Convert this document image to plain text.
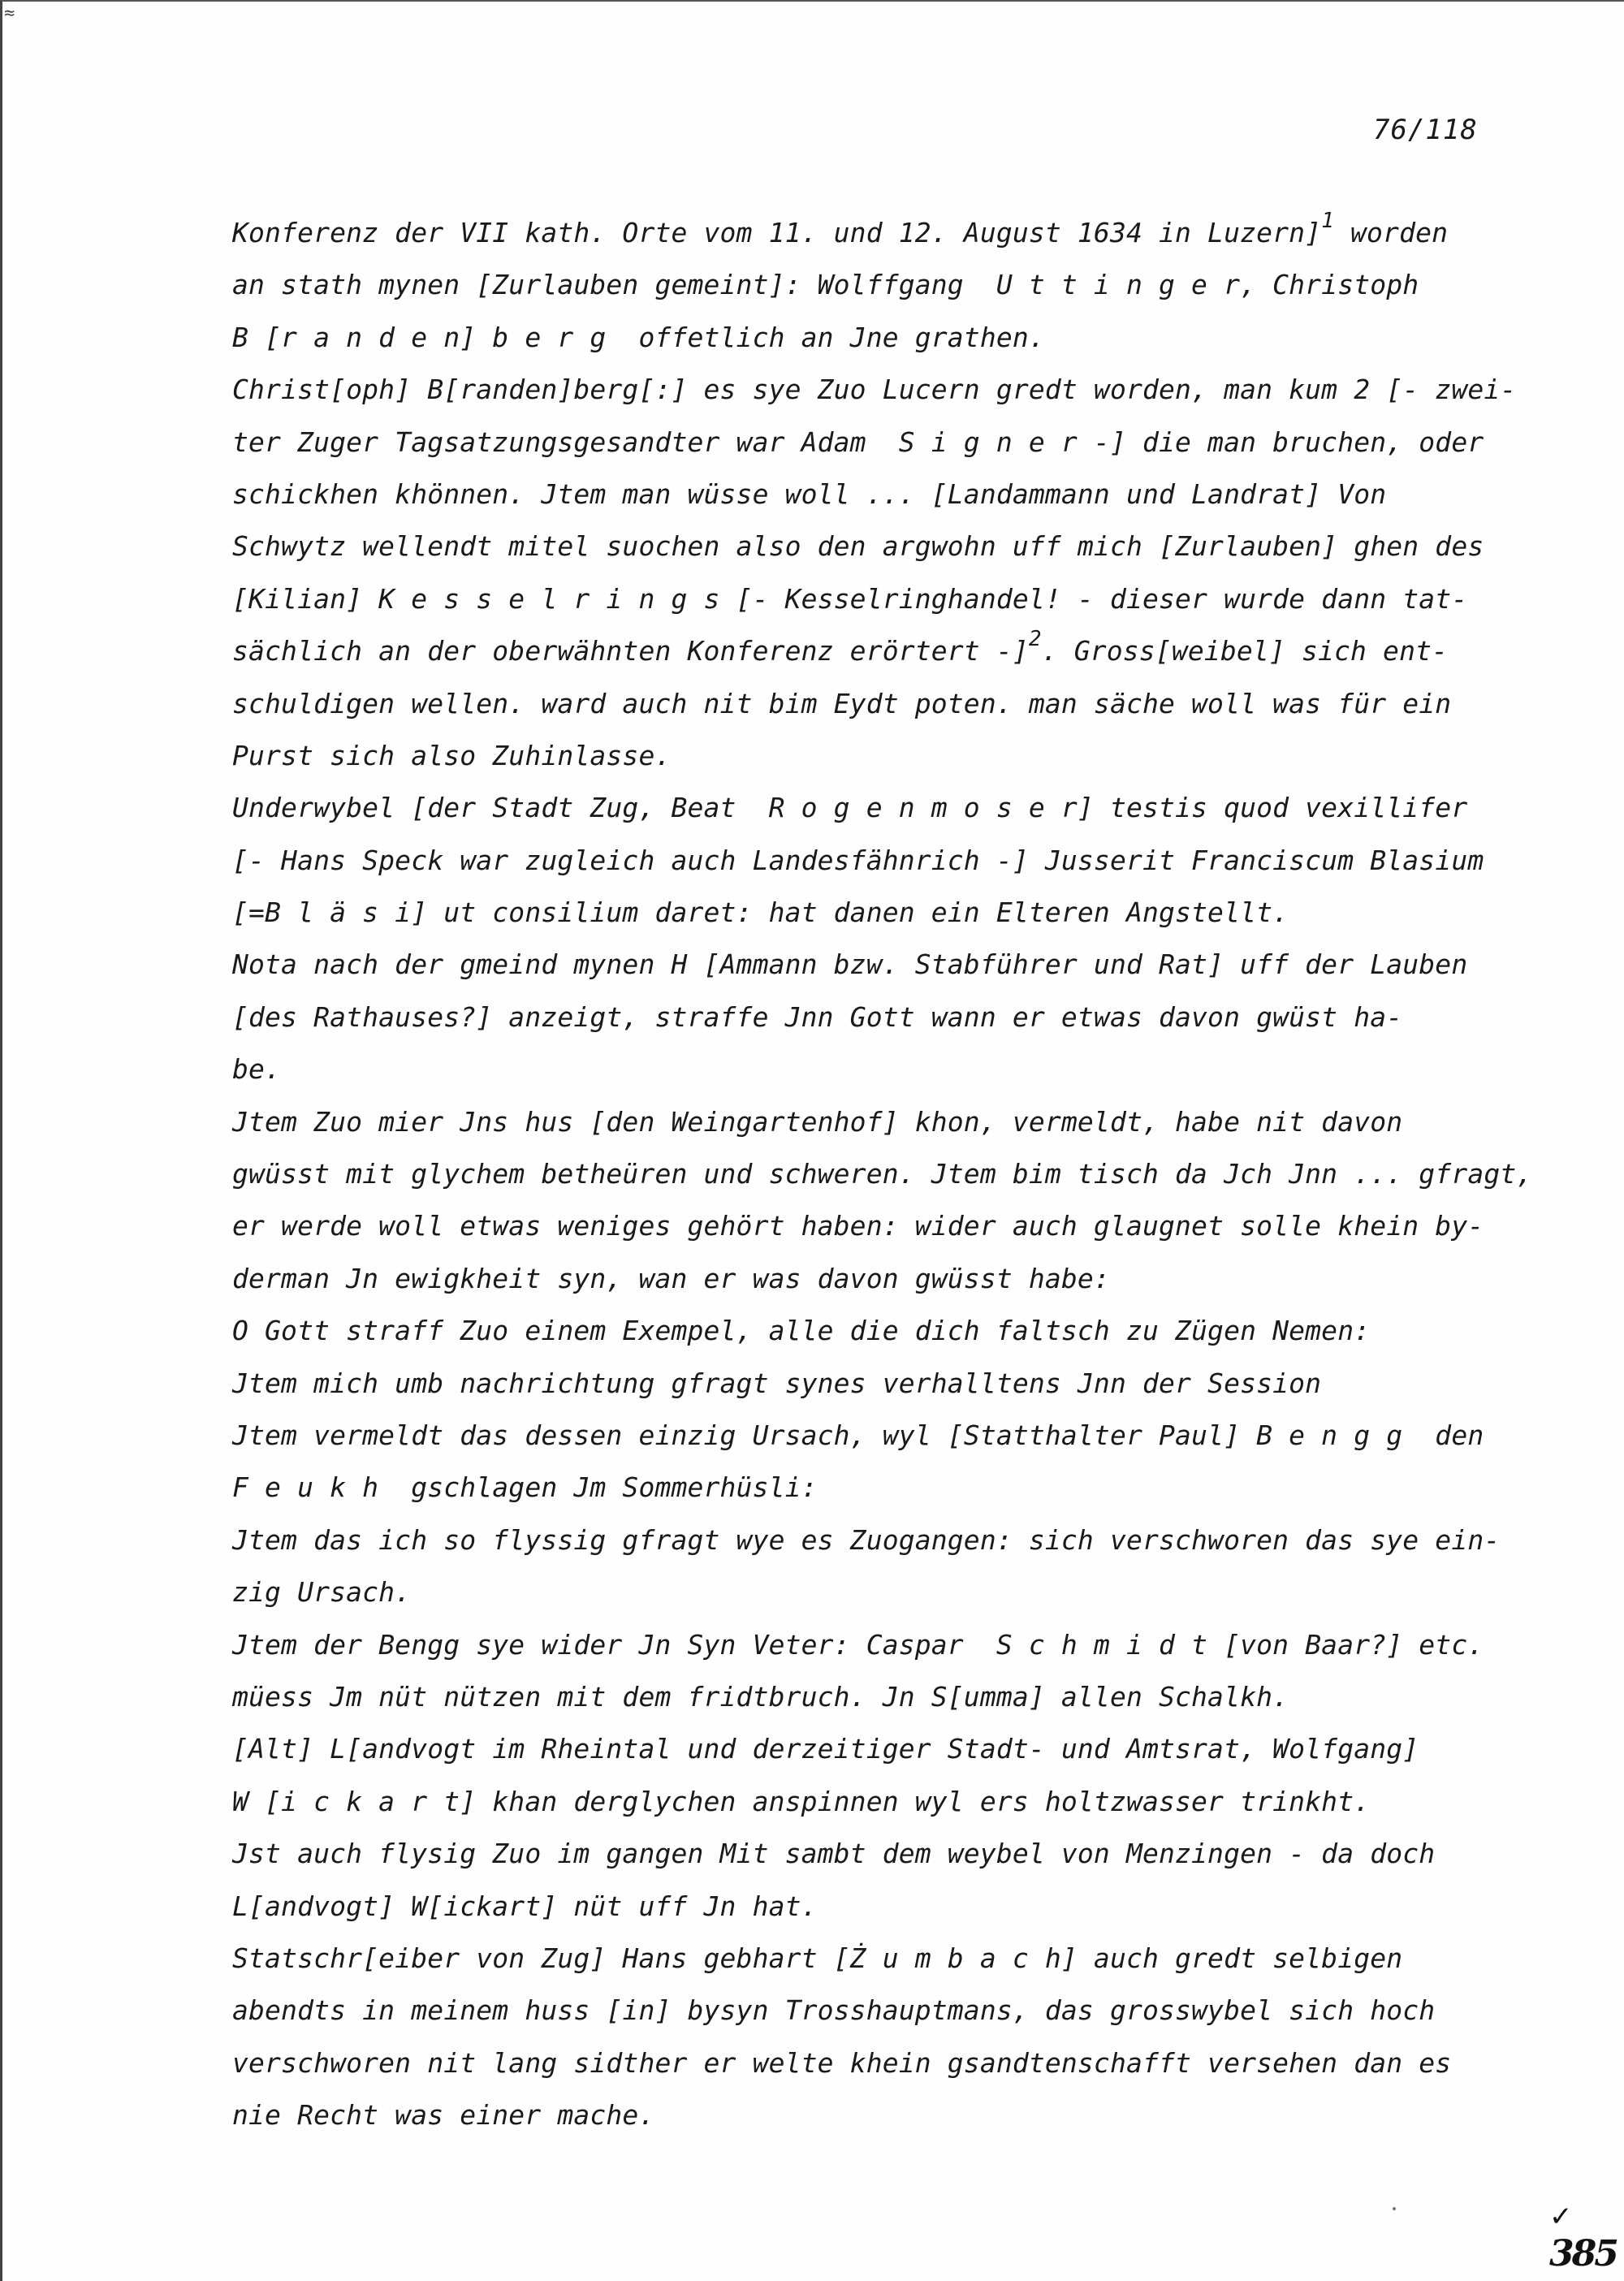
≈
76/118
Konferenz der VII kath. Orte vom 11. und 12. August 1634 in Luzern]$^1$ worden
an stath mynen [Zurlauben gemeint]: Wolffgang  U t t i n g e r, Christoph
B [r a n d e n] b e r g  offetlich an Jne grathen.
Christ[oph] B[randen]berg[:] es sye Zuo Lucern gredt worden, man kum 2 [- zwei-
ter Zuger Tagsatzungsgesandter war Adam  S i g n e r -] die man bruchen, oder
schickhen khönnen. Jtem man wüsse woll ... [Landammann und Landrat] Von
Schwytz wellendt mitel suochen also den argwohn uff mich [Zurlauben] ghen des
[Kilian] K e s s e l r i n g s [- Kesselringhandel! - dieser wurde dann tat-
sächlich an der oberwähnten Konferenz erörtert -]$^2$. Gross[weibel] sich ent-
schuldigen wellen. ward auch nit bim Eydt poten. man säche woll was für ein
Purst sich also Zuhinlasse.
Underwybel [der Stadt Zug, Beat  R o g e n m o s e r] testis quod vexillifer
[- Hans Speck war zugleich auch Landesfähnrich -] Jusserit Franciscum Blasium
[=B l ä s i] ut consilium daret: hat danen ein Elteren Angstellt.
Nota nach der gmeind mynen H [Ammann bzw. Stabführer und Rat] uff der Lauben
[des Rathauses?] anzeigt, straffe Jnn Gott wann er etwas davon gwüst ha-
be.
Jtem Zuo mier Jns hus [den Weingartenhof] khon, vermeldt, habe nit davon
gwüsst mit glychem betheüren und schweren. Jtem bim tisch da Jch Jnn ... gfragt,
er werde woll etwas weniges gehört haben: wider auch glaugnet solle khein by-
derman Jn ewigkheit syn, wan er was davon gwüsst habe:
O Gott straff Zuo einem Exempel, alle die dich faltsch zu Zügen Nemen:
Jtem mich umb nachrichtung gfragt synes verhalltens Jnn der Session
Jtem vermeldt das dessen einzig Ursach, wyl [Statthalter Paul] B e n g g  den
F e u k h  gschlagen Jm Sommerhüsli:
Jtem das ich so flyssig gfragt wye es Zuogangen: sich verschworen das sye ein-
zig Ursach.
Jtem der Bengg sye wider Jn Syn Veter: Caspar  S c h m i d t [von Baar?] etc.
müess Jm nüt nützen mit dem fridtbruch. Jn S[umma] allen Schalkh.
[Alt] L[andvogt im Rheintal und derzeitiger Stadt- und Amtsrat, Wolfgang]
W [i c k a r t] khan derglychen anspinnen wyl ers holtzwasser trinkht.
Jst auch flysig Zuo im gangen Mit sambt dem weybel von Menzingen - da doch
L[andvogt] W[ickart] nüt uff Jn hat.
Statschr[eiber von Zug] Hans gebhart [Ż u m b a c h] auch gredt selbigen
abendts in meinem huss [in] bysyn Trosshauptmans, das grosswybel sich hoch
verschworen nit lang sidther er welte khein gsandtenschafft versehen dan es
nie Recht was einer mache.
✓
385
